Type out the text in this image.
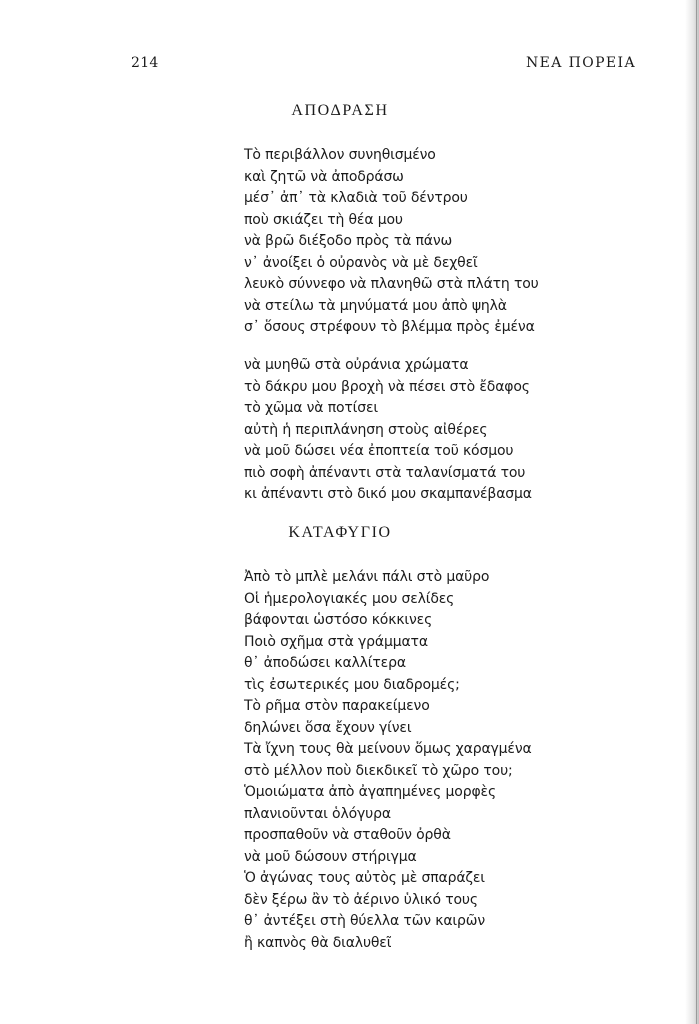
214	ΝΕΑ ΠΟΡΕΙΑ
ΑΠΟΔΡΑΣΗ
Τὸ περιβάλλον συνηθισμένο
καὶ ζητῶ νὰ ἀποδράσω
μέσ᾽ ἀπ᾽ τὰ κλαδιὰ τοῦ δέντρου
ποὺ σκιάζει τὴ θέα μου
νὰ βρῶ διέξοδο πρὸς τὰ πάνω
ν᾽ ἀνοίξει ὁ οὐρανὸς νὰ μὲ δεχθεῖ
λευκὸ σύννεφο νὰ πλανηθῶ στὰ πλάτη του
νὰ στείλω τὰ μηνύματά μου ἀπὸ ψηλὰ
σ᾽ ὅσους στρέφουν τὸ βλέμμα πρὸς ἐμένα
νὰ μυηθῶ στὰ οὐράνια χρώματα
τὸ δάκρυ μου βροχὴ νὰ πέσει στὸ ἔδαφος
τὸ χῶμα νὰ ποτίσει
αὐτὴ ἡ περιπλάνηση στοὺς αἰθέρες
νὰ μοῦ δώσει νέα ἐποπτεία τοῦ κόσμου
πιὸ σοφὴ ἀπέναντι στὰ ταλανίσματά του
κι ἀπέναντι στὸ δικό μου σκαμπανέβασμα
ΚΑΤΑΦΥΓΙΟ
Ἀπὸ τὸ μπλὲ μελάνι πάλι στὸ μαῦρο
Οἱ ἡμερολογιακές μου σελίδες
βάφονται ὡστόσο κόκκινες
Ποιὸ σχῆμα στὰ γράμματα
θ᾽ ἀποδώσει καλλίτερα
τὶς ἐσωτερικές μου διαδρομές;
Τὸ ρῆμα στὸν παρακείμενο
δηλώνει ὅσα ἔχουν γίνει
Τὰ ἴχνη τους θὰ μείνουν ὅμως χαραγμένα
στὸ μέλλον ποὺ διεκδικεῖ τὸ χῶρο του;
Ὁμοιώματα ἀπὸ ἀγαπημένες μορφὲς
πλανιοῦνται ὁλόγυρα
προσπαθοῦν νὰ σταθοῦν ὀρθὰ
νὰ μοῦ δώσουν στήριγμα
Ὁ ἀγώνας τους αὐτὸς μὲ σπαράζει
δὲν ξέρω ἂν τὸ ἀέρινο ὑλικό τους
θ᾽ ἀντέξει στὴ θύελλα τῶν καιρῶν
ἢ καπνὸς θὰ διαλυθεῖ
